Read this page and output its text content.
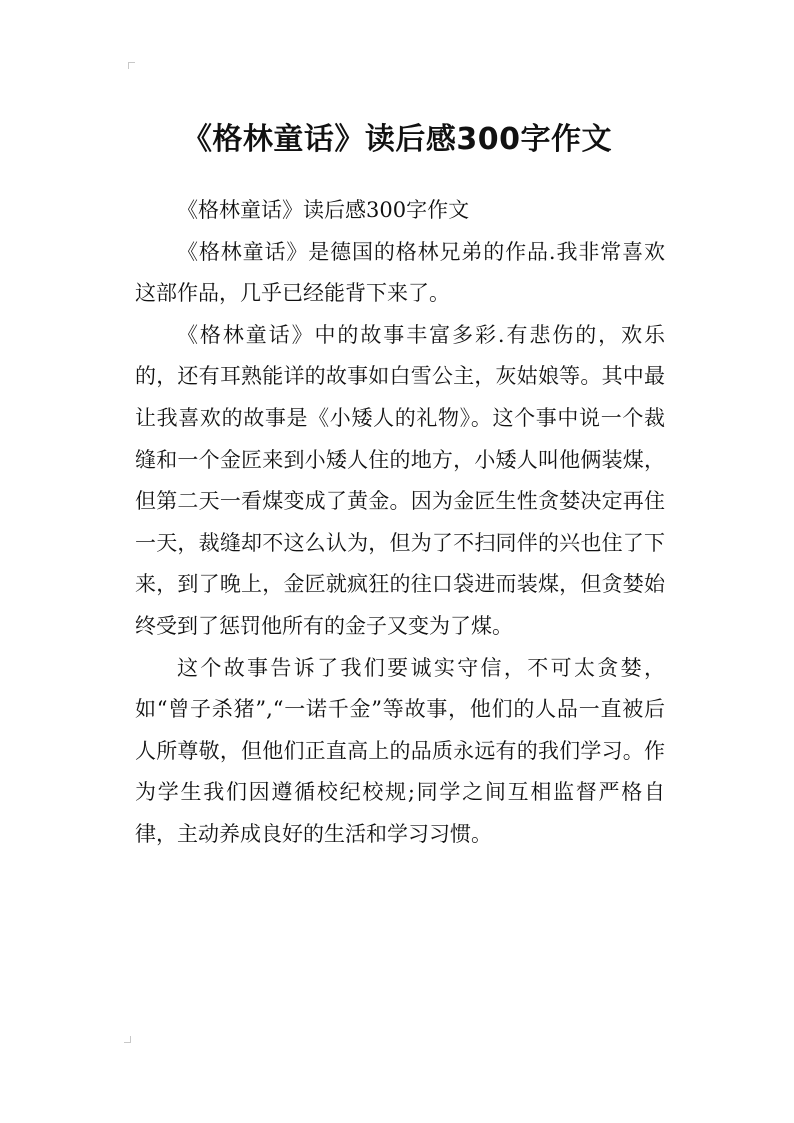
《格林童话》读后感300字作文

《格林童话》读后感300字作文

《格林童话》是德国的格林兄弟的作品.我非常喜欢这部作品，几乎已经能背下来了。

《格林童话》中的故事丰富多彩.有悲伤的，欢乐的，还有耳熟能详的故事如白雪公主，灰姑娘等。其中最让我喜欢的故事是《小矮人的礼物》。这个事中说一个裁缝和一个金匠来到小矮人住的地方，小矮人叫他俩装煤，但第二天一看煤变成了黄金。因为金匠生性贪婪决定再住一天，裁缝却不这么认为，但为了不扫同伴的兴也住了下来，到了晚上，金匠就疯狂的往口袋进而装煤，但贪婪始终受到了惩罚他所有的金子又变为了煤。

这个故事告诉了我们要诚实守信，不可太贪婪，如“曾子杀猪”,“一诺千金”等故事，他们的人品一直被后人所尊敬，但他们正直高上的品质永远有的我们学习。作为学生我们因遵循校纪校规;同学之间互相监督严格自律，主动养成良好的生活和学习习惯。
